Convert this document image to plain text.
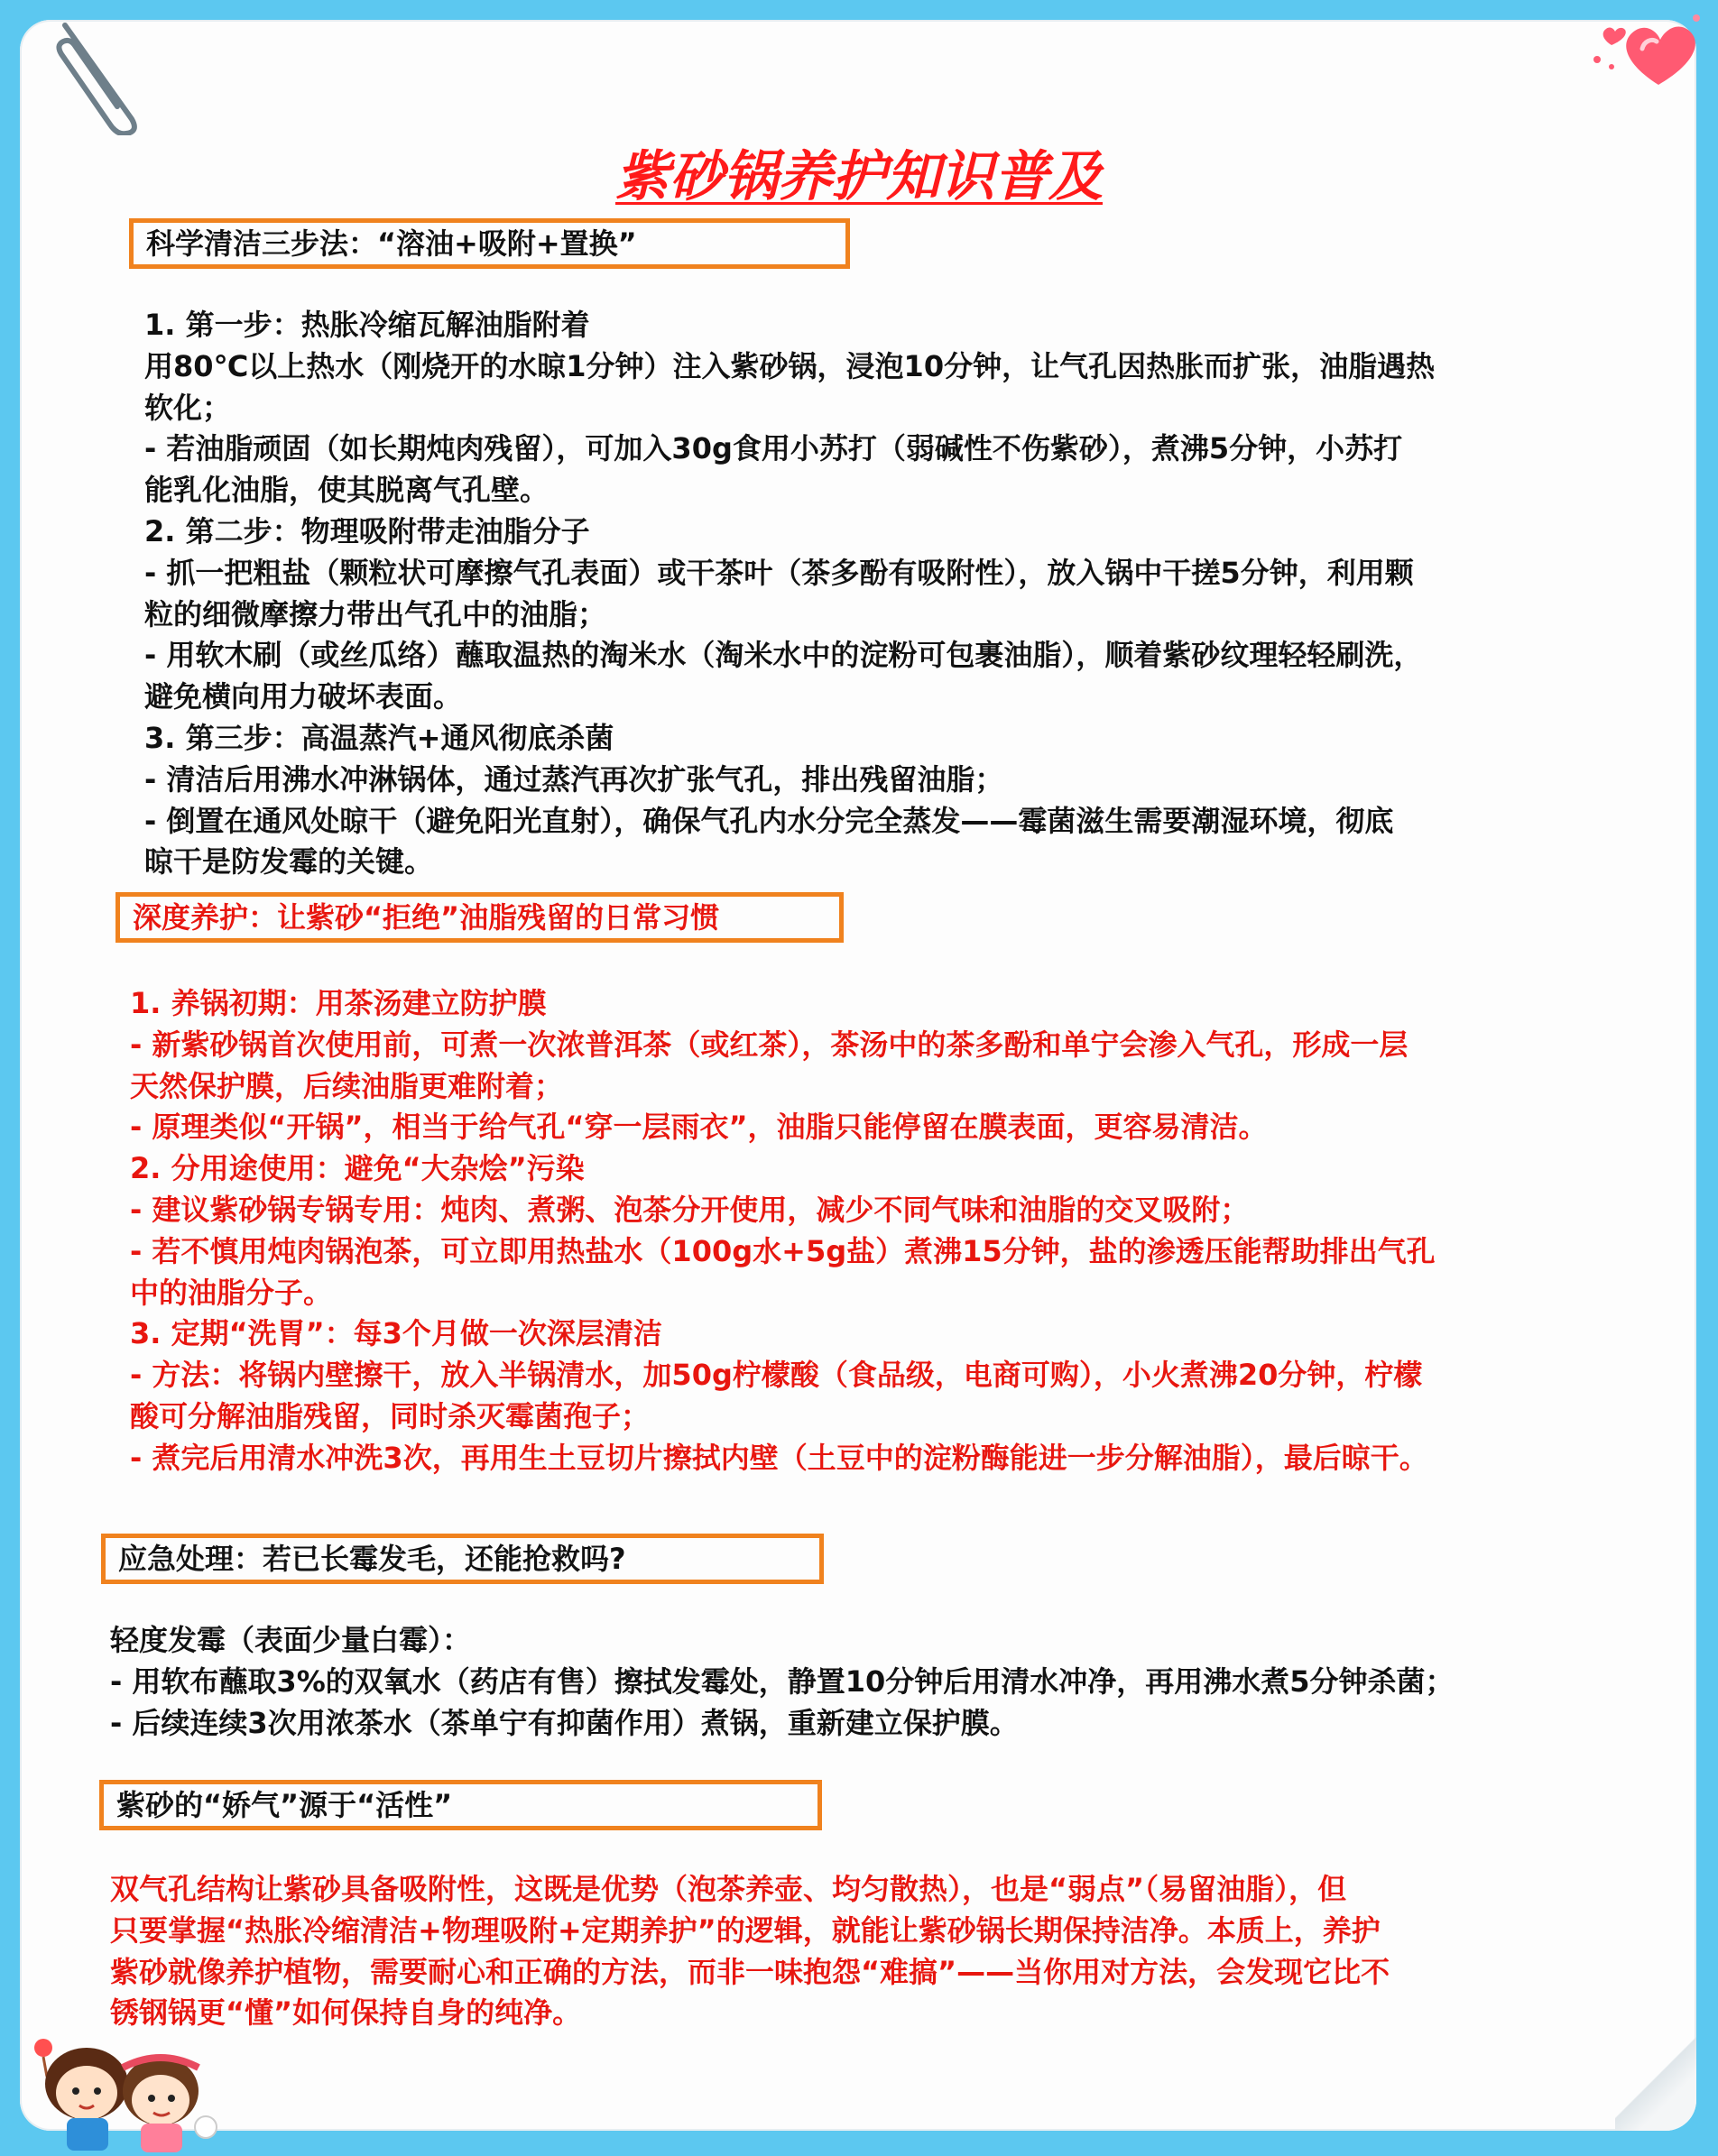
紫砂锅养护知识普及
科学清洁三步法：“溶油+吸附+置换”

1. 第一步：热胀冷缩瓦解油脂附着

用80℃以上热水（刚烧开的水晾1分钟）注入紫砂锅，浸泡10分钟，让气孔因热胀而扩张，油脂遇热

软化；

- 若油脂顽固（如长期炖肉残留），可加入30g食用小苏打（弱碱性不伤紫砂），煮沸5分钟，小苏打

能乳化油脂，使其脱离气孔壁。

2. 第二步：物理吸附带走油脂分子

- 抓一把粗盐（颗粒状可摩擦气孔表面）或干茶叶（茶多酚有吸附性），放入锅中干搓5分钟，利用颗

粒的细微摩擦力带出气孔中的油脂；

- 用软木刷（或丝瓜络）蘸取温热的淘米水（淘米水中的淀粉可包裹油脂），顺着紫砂纹理轻轻刷洗，

避免横向用力破坏表面。

3. 第三步：高温蒸汽+通风彻底杀菌

- 清洁后用沸水冲淋锅体，通过蒸汽再次扩张气孔，排出残留油脂；

- 倒置在通风处晾干（避免阳光直射），确保气孔内水分完全蒸发——霉菌滋生需要潮湿环境，彻底

晾干是防发霉的关键。

深度养护：让紫砂“拒绝”油脂残留的日常习惯

1. 养锅初期：用茶汤建立防护膜

- 新紫砂锅首次使用前，可煮一次浓普洱茶（或红茶），茶汤中的茶多酚和单宁会渗入气孔，形成一层

天然保护膜，后续油脂更难附着；

- 原理类似“开锅”，相当于给气孔“穿一层雨衣”，油脂只能停留在膜表面，更容易清洁。

2. 分用途使用：避免“大杂烩”污染

- 建议紫砂锅专锅专用：炖肉、煮粥、泡茶分开使用，减少不同气味和油脂的交叉吸附；

- 若不慎用炖肉锅泡茶，可立即用热盐水（100g水+5g盐）煮沸15分钟，盐的渗透压能帮助排出气孔

中的油脂分子。

3. 定期“洗胃”：每3个月做一次深层清洁

- 方法：将锅内壁擦干，放入半锅清水，加50g柠檬酸（食品级，电商可购），小火煮沸20分钟，柠檬

酸可分解油脂残留，同时杀灭霉菌孢子；

- 煮完后用清水冲洗3次，再用生土豆切片擦拭内壁（土豆中的淀粉酶能进一步分解油脂），最后晾干。

应急处理：若已长霉发毛，还能抢救吗?

轻度发霉（表面少量白霉）：

- 用软布蘸取3%的双氧水（药店有售）擦拭发霉处，静置10分钟后用清水冲净，再用沸水煮5分钟杀菌；

- 后续连续3次用浓茶水（茶单宁有抑菌作用）煮锅，重新建立保护膜。

紫砂的“娇气”源于“活性”

双气孔结构让紫砂具备吸附性，这既是优势（泡茶养壶、均匀散热），也是“弱点”（易留油脂），但

只要掌握“热胀冷缩清洁+物理吸附+定期养护”的逻辑，就能让紫砂锅长期保持洁净。本质上，养护

紫砂就像养护植物，需要耐心和正确的方法，而非一味抱怨“难搞”——当你用对方法，会发现它比不

锈钢锅更“懂”如何保持自身的纯净。
